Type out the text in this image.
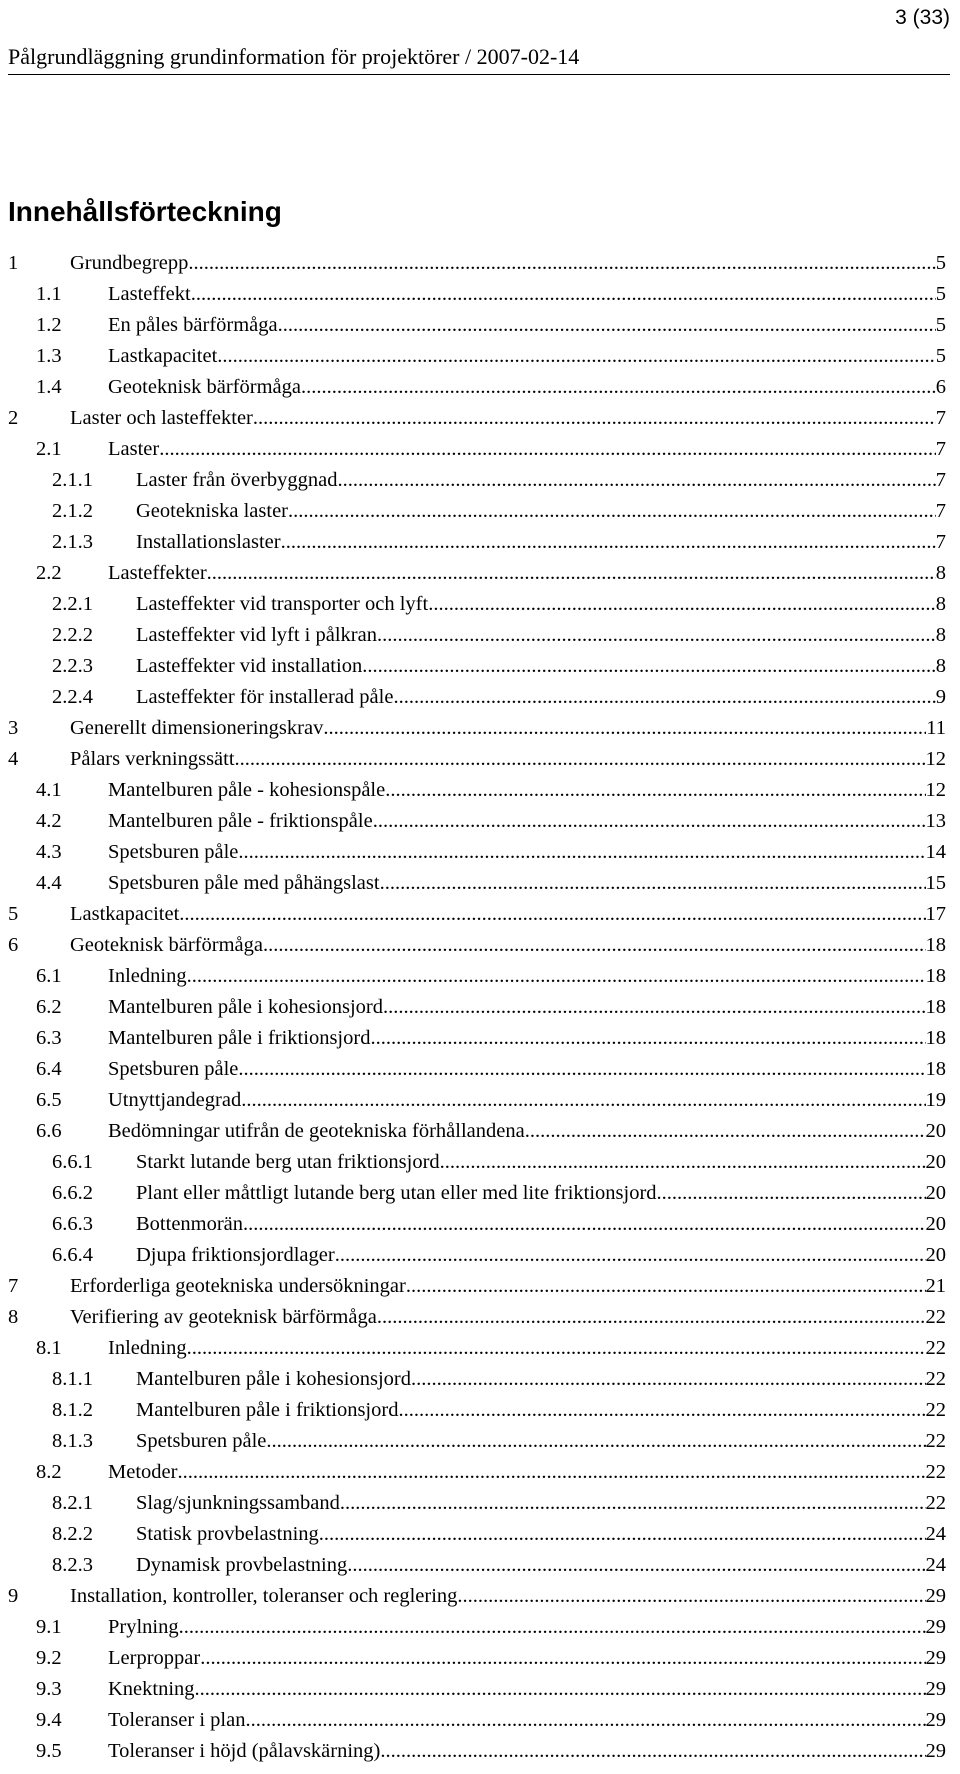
3 (33)
Pålgrundläggning grundinformation för projektörer / 2007-02-14
Innehållsförteckning
1	Grundbegrepp .....	5
1.1	Lasteffekt .....	5
1.2	En påles bärförmåga .....	5
1.3	Lastkapacitet .....	5
1.4	Geoteknisk bärförmåga .....	6
2	Laster och lasteffekter .....	7
2.1	Laster .....	7
2.1.1	Laster från överbyggnad .....	7
2.1.2	Geotekniska laster .....	7
2.1.3	Installationslaster .....	7
2.2	Lasteffekter .....	8
2.2.1	Lasteffekter vid transporter och lyft .....	8
2.2.2	Lasteffekter vid lyft i pålkran .....	8
2.2.3	Lasteffekter vid installation .....	8
2.2.4	Lasteffekter för installerad påle .....	9
3	Generellt dimensioneringskrav .....	11
4	Pålars verkningssätt .....	12
4.1	Mantelburen påle - kohesionspåle .....	12
4.2	Mantelburen påle - friktionspåle .....	13
4.3	Spetsburen påle .....	14
4.4	Spetsburen påle med påhängslast .....	15
5	Lastkapacitet .....	17
6	Geoteknisk bärförmåga .....	18
6.1	Inledning .....	18
6.2	Mantelburen påle i kohesionsjord .....	18
6.3	Mantelburen påle i friktionsjord .....	18
6.4	Spetsburen påle .....	18
6.5	Utnyttjandegrad .....	19
6.6	Bedömningar utifrån de geotekniska förhållandena .....	20
6.6.1	Starkt lutande berg utan friktionsjord .....	20
6.6.2	Plant eller måttligt lutande berg utan eller med lite friktionsjord .....	20
6.6.3	Bottenmorän .....	20
6.6.4	Djupa friktionsjordlager .....	20
7	Erforderliga geotekniska undersökningar .....	21
8	Verifiering av geoteknisk bärförmåga .....	22
8.1	Inledning .....	22
8.1.1	Mantelburen påle i kohesionsjord .....	22
8.1.2	Mantelburen påle i friktionsjord .....	22
8.1.3	Spetsburen påle .....	22
8.2	Metoder .....	22
8.2.1	Slag/sjunkningssamband .....	22
8.2.2	Statisk provbelastning .....	24
8.2.3	Dynamisk provbelastning .....	24
9	Installation, kontroller, toleranser och reglering .....	29
9.1	Prylning .....	29
9.2	Lerproppar .....	29
9.3	Knektning .....	29
9.4	Toleranser i plan .....	29
9.5	Toleranser i höjd (pålavskärning) .....	29
